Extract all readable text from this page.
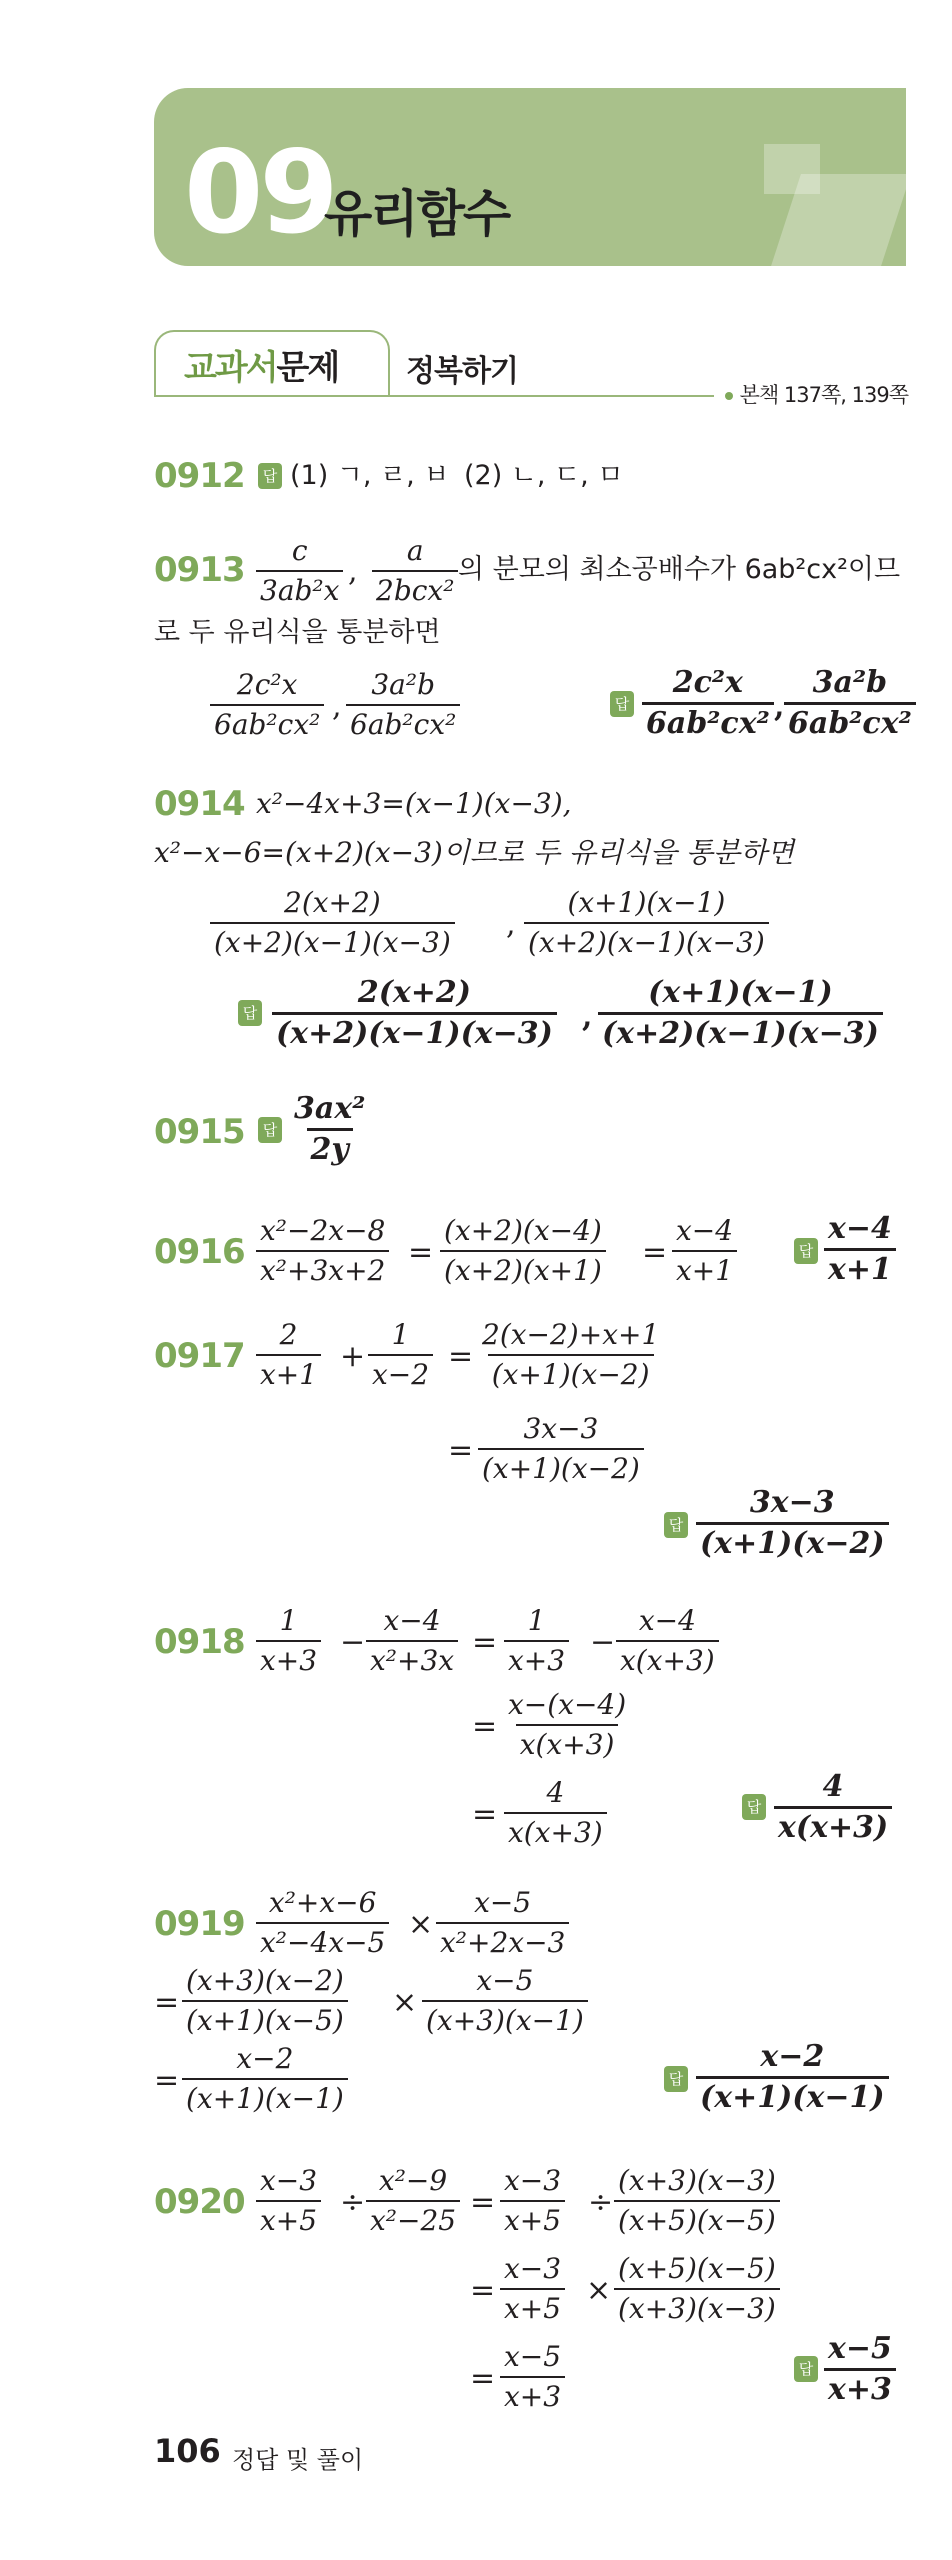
09
유리함수
교과서문제 정복하기
본책 137쪽, 139쪽
0912	답 (1) ㄱ, ㄹ, ㅂ (2) ㄴ, ㄷ, ㅁ
0913 c
3ab²x
,
a
2bcx²
의 분모의 최소공배수가 6ab²cx²이므
로 두 유리식을 통분하면
2c²x
6ab²cx²
,
3a²b
6ab²cx²
답
2c²x
6ab²cx² ,
3a²b
6ab²cx²
0914 x²−4x+3=(x−1)(x−3),
x²−x−6=(x+2)(x−3)이므로 두 유리식을 통분하면
2(x+2)
(x+2)(x−1)(x−3)
,
(x+1)(x−1)
(x+2)(x−1)(x−3)
답
2(x+2)
(x+2)(x−1)(x−3) ,
(x+1)(x−1)
(x+2)(x−1)(x−3)
0915	답
3ax²
2y
0916
x²−2x−8
x²+3x+2
=
(x+2)(x−4)
(x+2)(x+1)
=
x−4
x+1
답
x−4
x+1
0917
2
x+1
+
1
x−2
=
2(x−2)+x+1
(x+1)(x−2)
=
3x−3
(x+1)(x−2)
답
3x−3
(x+1)(x−2)
0918
1
x+3
−
x−4
x²+3x
=
1
x+3
−
x−4
x(x+3)
=
x−(x−4)
x(x+3)
=
4
x(x+3)
답
4
x(x+3)
0919
x²+x−6
x²−4x−5
×
x−5
x²+2x−3
=
(x+3)(x−2)
(x+1)(x−5)
×
x−5
(x+3)(x−1)
=
x−2
(x+1)(x−1)
답
x−2
(x+1)(x−1)
0920
x−3
x+5
÷
x²−9
x²−25
=
x−3
x+5
÷
(x+3)(x−3)
(x+5)(x−5)
=
x−3
x+5
×
(x+5)(x−5)
(x+3)(x−3)
=
x−5
x+3
답
x−5
x+3
106 정답 및 풀이
